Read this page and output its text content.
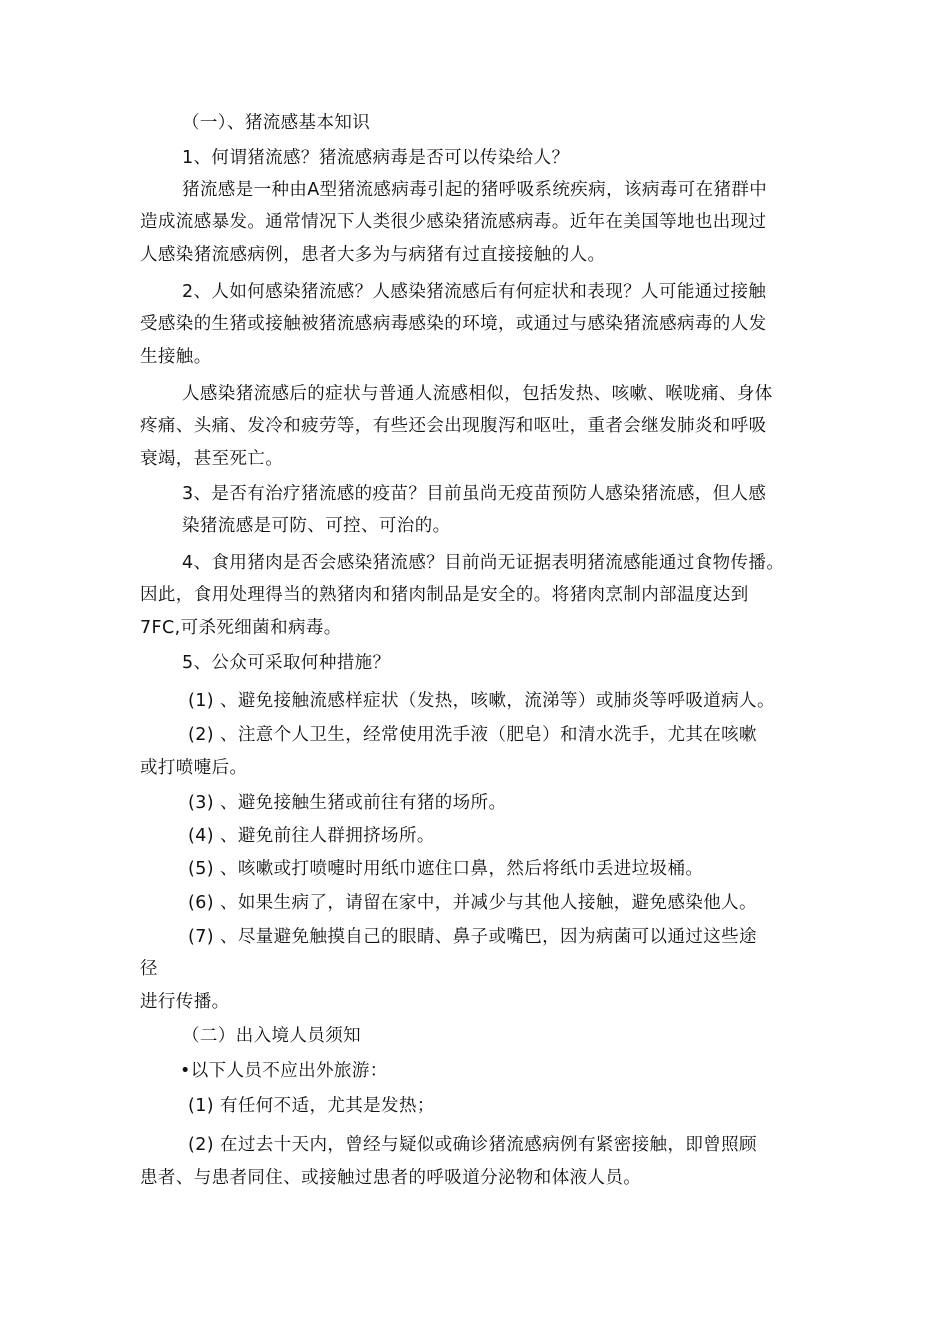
（一）、猪流感基本知识
1、何谓猪流感？猪流感病毒是否可以传染给人？
猪流感是一种由A型猪流感病毒引起的猪呼吸系统疾病，该病毒可在猪群中
造成流感暴发。通常情况下人类很少感染猪流感病毒。近年在美国等地也出现过
人感染猪流感病例，患者大多为与病猪有过直接接触的人。
2、人如何感染猪流感？人感染猪流感后有何症状和表现？人可能通过接触
受感染的生猪或接触被猪流感病毒感染的环境，或通过与感染猪流感病毒的人发
生接触。
人感染猪流感后的症状与普通人流感相似，包括发热、咳嗽、喉咙痛、身体
疼痛、头痛、发冷和疲劳等，有些还会出现腹泻和呕吐，重者会继发肺炎和呼吸
衰竭，甚至死亡。
3、是否有治疗猪流感的疫苗？目前虽尚无疫苗预防人感染猪流感，但人感
染猪流感是可防、可控、可治的。
4、食用猪肉是否会感染猪流感？目前尚无证据表明猪流感能通过食物传播。
因此，食用处理得当的熟猪肉和猪肉制品是安全的。将猪肉烹制内部温度达到
7FC,可杀死细菌和病毒。
5、公众可采取何种措施？
(1) 、避免接触流感样症状（发热，咳嗽，流涕等）或肺炎等呼吸道病人。
(2) 、注意个人卫生，经常使用洗手液（肥皂）和清水洗手，尤其在咳嗽
或打喷嚏后。
(3) 、避免接触生猪或前往有猪的场所。
(4) 、避免前往人群拥挤场所。
(5) 、咳嗽或打喷嚏时用纸巾遮住口鼻，然后将纸巾丢进垃圾桶。
(6) 、如果生病了，请留在家中，并减少与其他人接触，避免感染他人。
(7) 、尽量避免触摸自己的眼睛、鼻子或嘴巴，因为病菌可以通过这些途
径
进行传播。
（二）出入境人员须知
•以下人员不应出外旅游：
(1) 有任何不适，尤其是发热；
(2) 在过去十天内，曾经与疑似或确诊猪流感病例有紧密接触，即曾照顾
患者、与患者同住、或接触过患者的呼吸道分泌物和体液人员。
